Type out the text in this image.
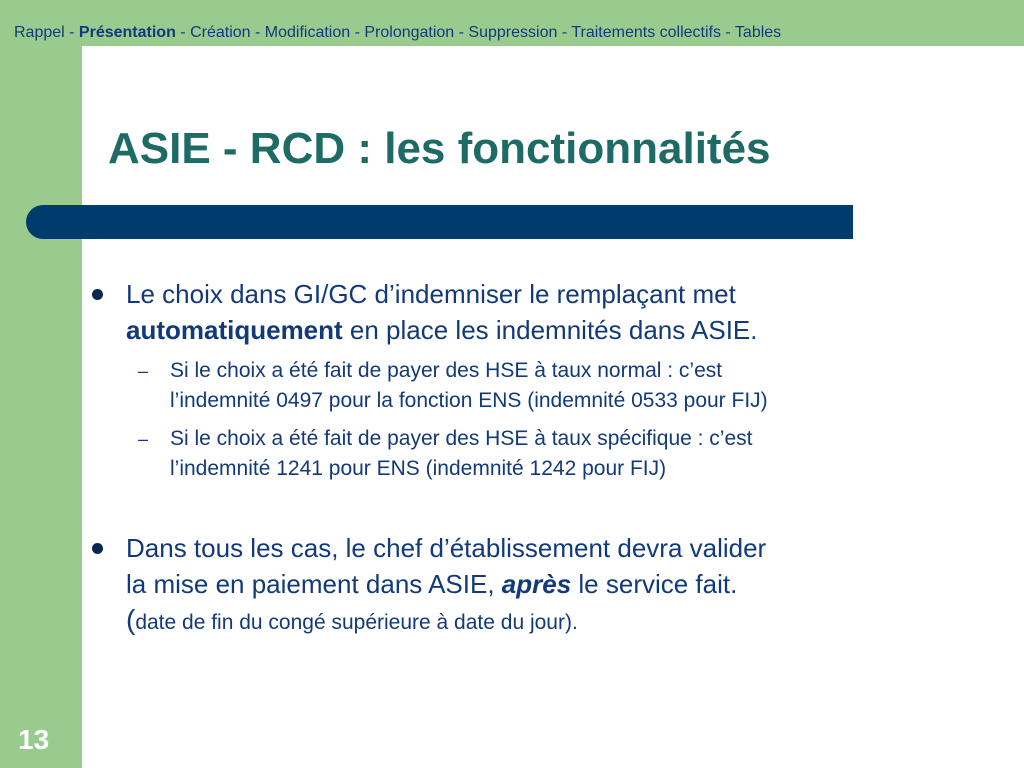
Rappel - Présentation - Création - Modification - Prolongation - Suppression - Traitements collectifs - Tables
ASIE - RCD : les fonctionnalités
Le choix dans GI/GC d’indemniser le remplaçant met
automatiquement en place les indemnités dans ASIE.
– Si le choix a été fait de payer des HSE à taux normal : c’est
l’indemnité 0497 pour la fonction ENS (indemnité 0533 pour FIJ)
– Si le choix a été fait de payer des HSE à taux spécifique : c’est
l’indemnité 1241 pour ENS (indemnité 1242 pour FIJ)
Dans tous les cas, le chef d’établissement devra valider
la mise en paiement dans ASIE, après le service fait.
(date de fin du congé supérieure à date du jour).
13
